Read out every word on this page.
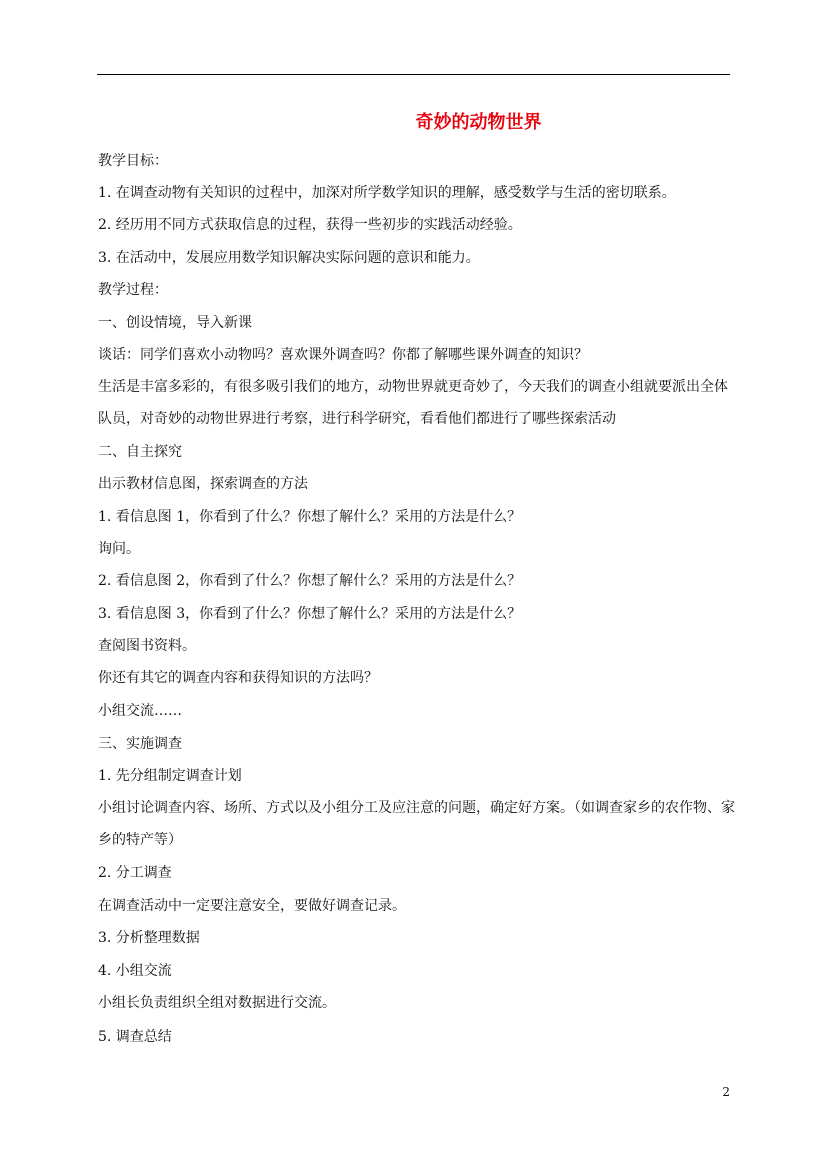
奇妙的动物世界
教学目标：
1. 在调查动物有关知识的过程中，加深对所学数学知识的理解，感受数学与生活的密切联系。
2. 经历用不同方式获取信息的过程，获得一些初步的实践活动经验。
3. 在活动中，发展应用数学知识解决实际问题的意识和能力。
教学过程：
一、创设情境，导入新课
谈话：同学们喜欢小动物吗？喜欢课外调查吗？你都了解哪些课外调查的知识？
生活是丰富多彩的，有很多吸引我们的地方，动物世界就更奇妙了，今天我们的调查小组就要派出全体队员，对奇妙的动物世界进行考察，进行科学研究，看看他们都进行了哪些探索活动
二、自主探究
出示教材信息图，探索调查的方法
1. 看信息图 1，你看到了什么？你想了解什么？采用的方法是什么？
询问。
2. 看信息图 2，你看到了什么？你想了解什么？采用的方法是什么？
3. 看信息图 3，你看到了什么？你想了解什么？采用的方法是什么？
查阅图书资料。
你还有其它的调查内容和获得知识的方法吗？
小组交流……
三、实施调查
1. 先分组制定调查计划
小组讨论调查内容、场所、方式以及小组分工及应注意的问题，确定好方案。（如调查家乡的农作物、家乡的特产等）
2. 分工调查
在调查活动中一定要注意安全，要做好调查记录。
3. 分析整理数据
4. 小组交流
小组长负责组织全组对数据进行交流。
5. 调查总结
2
